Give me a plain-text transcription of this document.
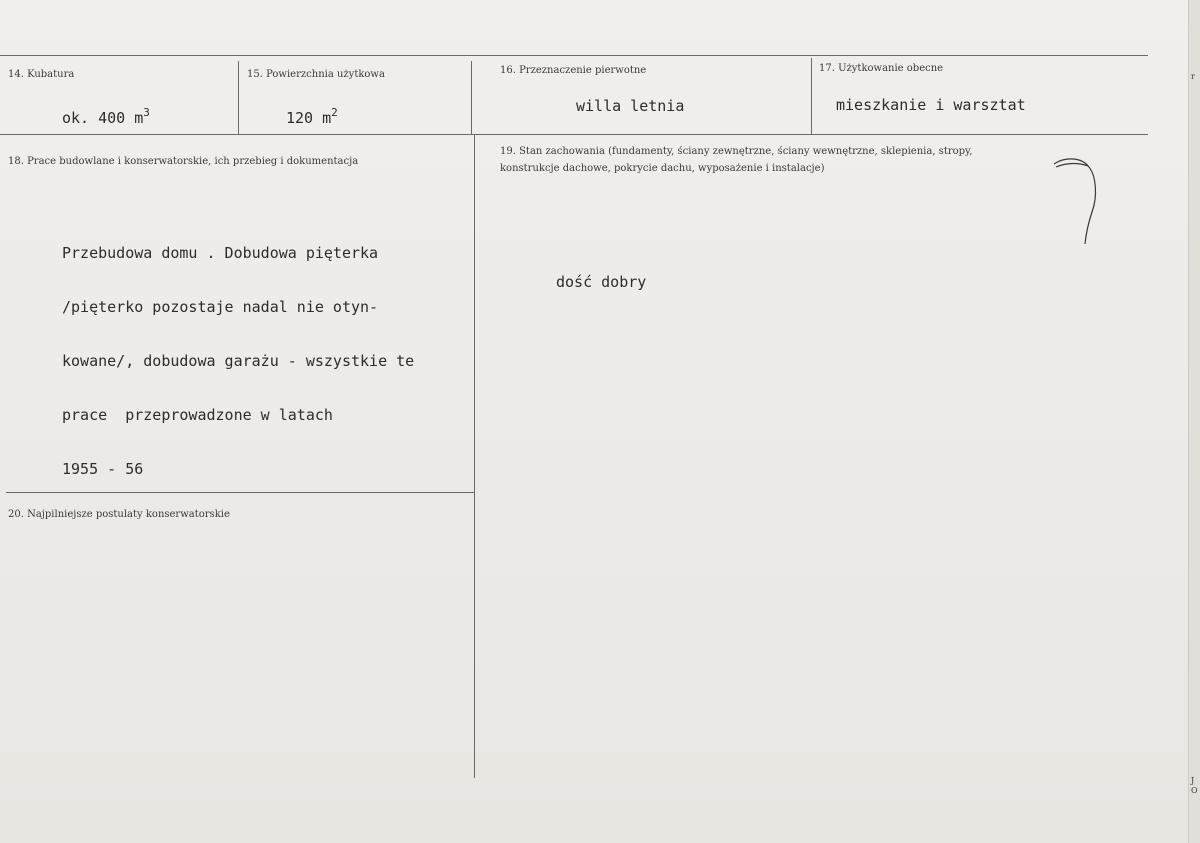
14. Kubatura
ok. 400 $m^3$
15. Powierzchnia użytkowa
120 $m^2$
16. Przeznaczenie pierwotne
willa letnia
17. Użytkowanie obecne
mieszkanie i warsztat
18. Prace budowlane i konserwatorskie, ich przebieg i dokumentacja

Przebudowa domu . Dobudowa pięterka

/pięterko pozostaje nadal nie otyn-

kowane/, dobudowa garażu - wszystkie te

prace  przeprowadzone w latach

1955 - 56

19. Stan zachowania (fundamenty, ściany zewnętrzne, ściany wewnętrzne, sklepienia, stropy,
konstrukcje dachowe, pokrycie dachu, wyposażenie i instalacje)
dość dobry
20. Najpilniejsze postulaty konserwatorskie
r
J
O
